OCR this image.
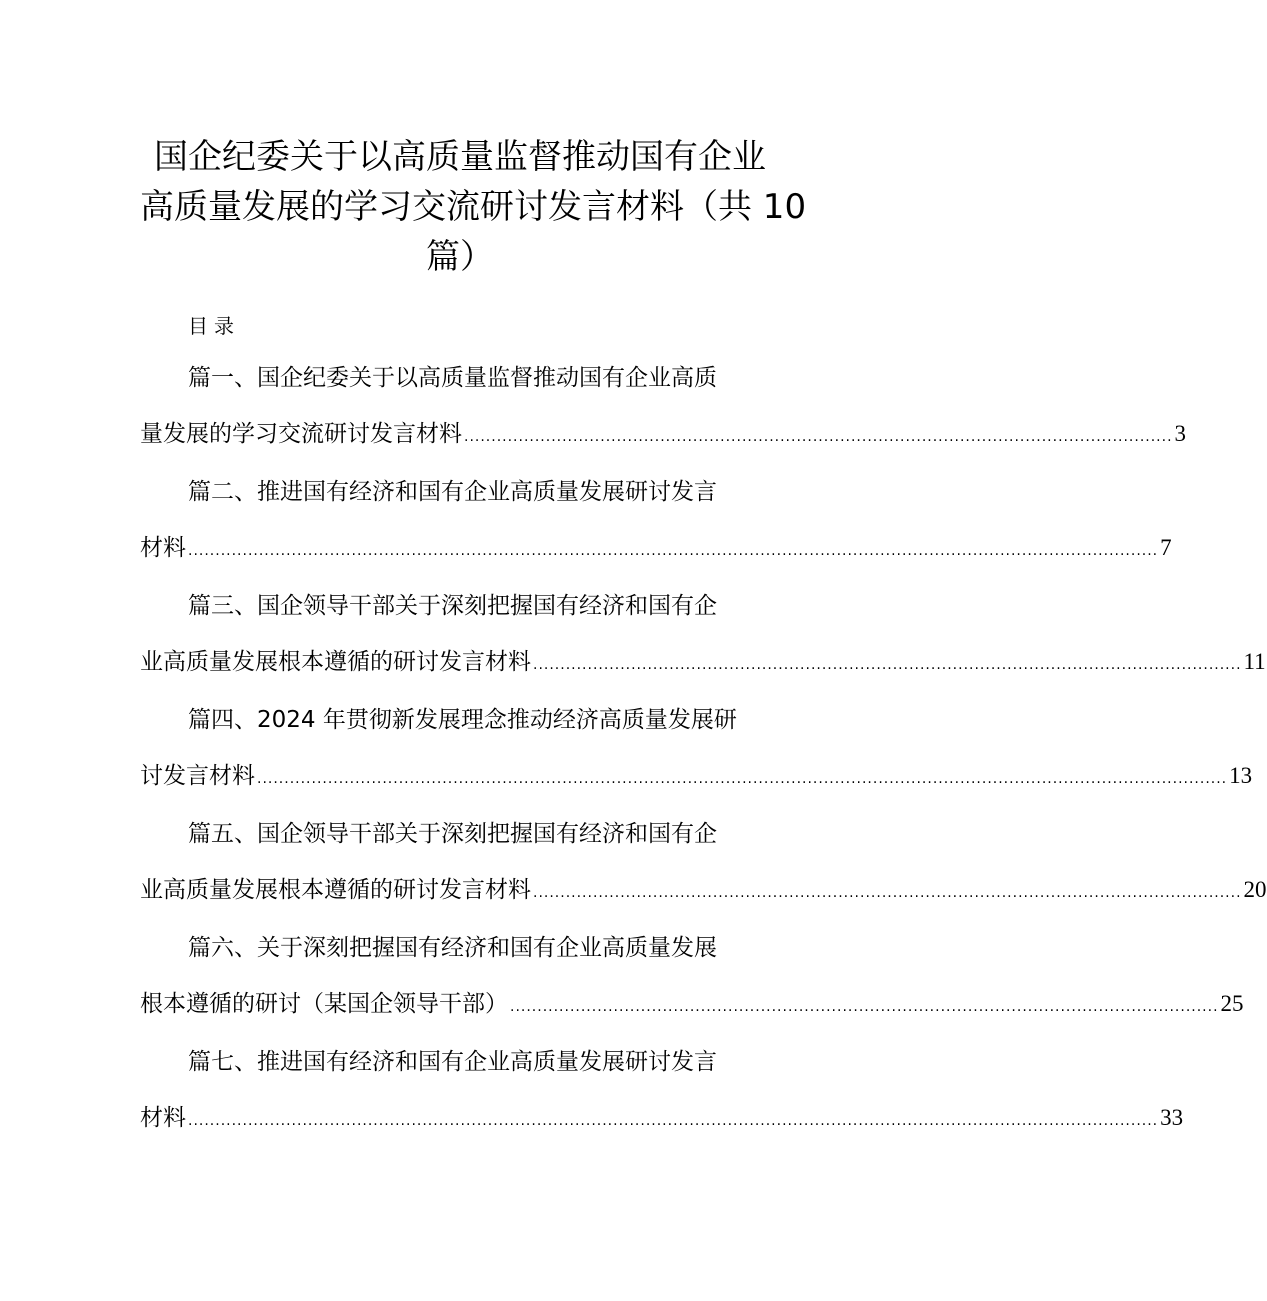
国企纪委关于以高质量监督推动国有企业
高质量发展的学习交流研讨发言材料（共 10
篇）
目录
篇一、国企纪委关于以高质量监督推动国有企业高质
量发展的学习交流研讨发言材料 .................................................................................................................................. 3
篇二、推进国有经济和国有企业高质量发展研讨发言
材料 .................................................................................................................................................................................. 7
篇三、国企领导干部关于深刻把握国有经济和国有企
业高质量发展根本遵循的研讨发言材料 .................................................................................................................................. 11
篇四、2024 年贯彻新发展理念推动经济高质量发展研
讨发言材料 .................................................................................................................................................................................. 13
篇五、国企领导干部关于深刻把握国有经济和国有企
业高质量发展根本遵循的研讨发言材料 .................................................................................................................................. 20
篇六、关于深刻把握国有经济和国有企业高质量发展
根本遵循的研讨（某国企领导干部） .................................................................................................................................. 25
篇七、推进国有经济和国有企业高质量发展研讨发言
材料 .................................................................................................................................................................................. 33
